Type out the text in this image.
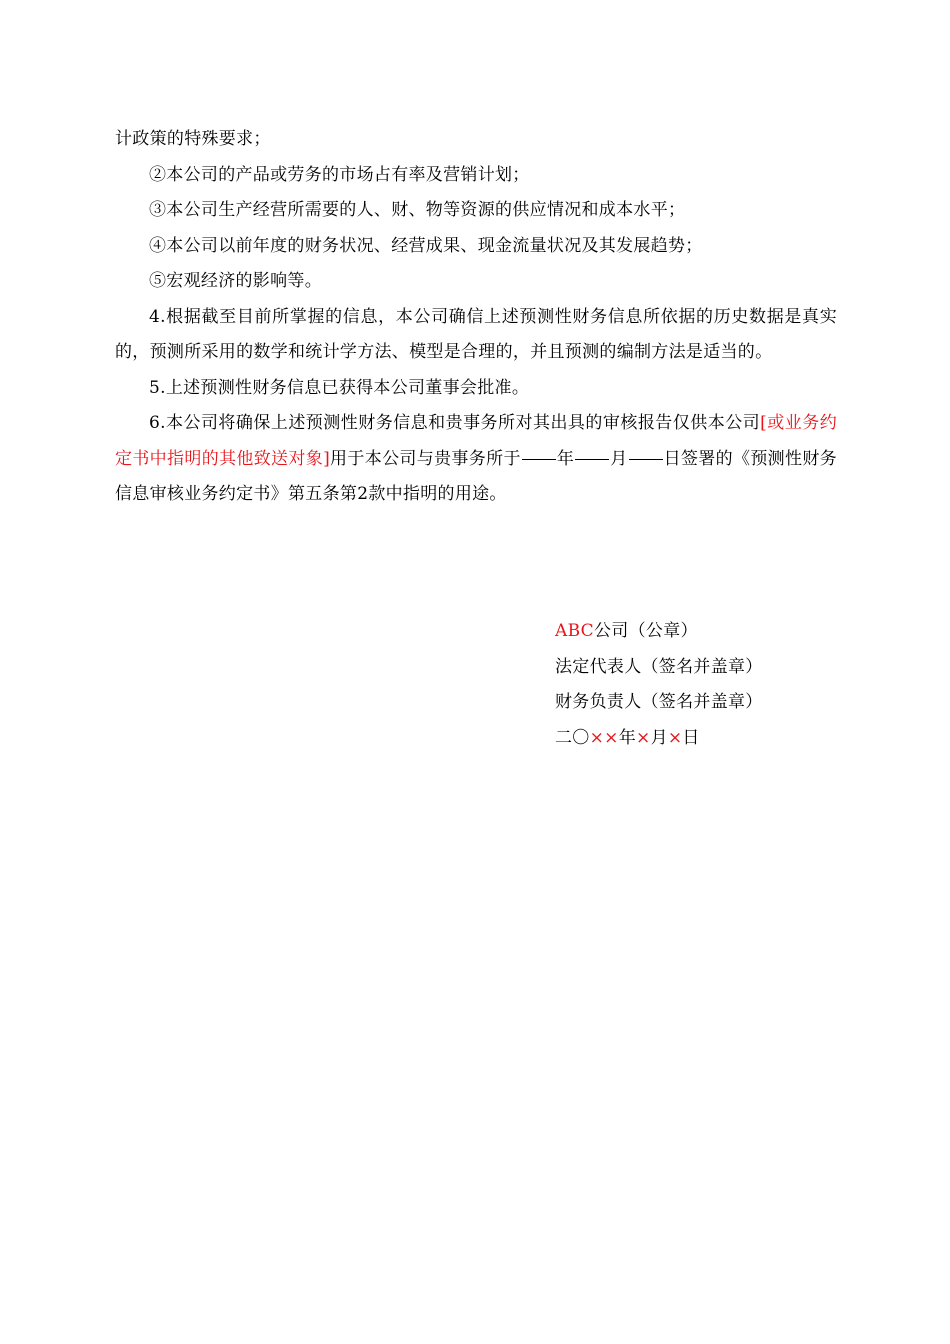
计政策的特殊要求；

②本公司的产品或劳务的市场占有率及营销计划；

③本公司生产经营所需要的人、财、物等资源的供应情况和成本水平；

④本公司以前年度的财务状况、经营成果、现金流量状况及其发展趋势；

⑤宏观经济的影响等。

4.根据截至目前所掌握的信息，本公司确信上述预测性财务信息所依据的历史数据是真实的，预测所采用的数学和统计学方法、模型是合理的，并且预测的编制方法是适当的。

5.上述预测性财务信息已获得本公司董事会批准。

6.本公司将确保上述预测性财务信息和贵事务所对其出具的审核报告仅供本公司[或业务约定书中指明的其他致送对象]用于本公司与贵事务所于 年 月 日签署的《预测性财务信息审核业务约定书》第五条第2款中指明的用途。

ABC公司（公章）

法定代表人（签名并盖章）

财务负责人（签名并盖章）

二〇××年×月×日
